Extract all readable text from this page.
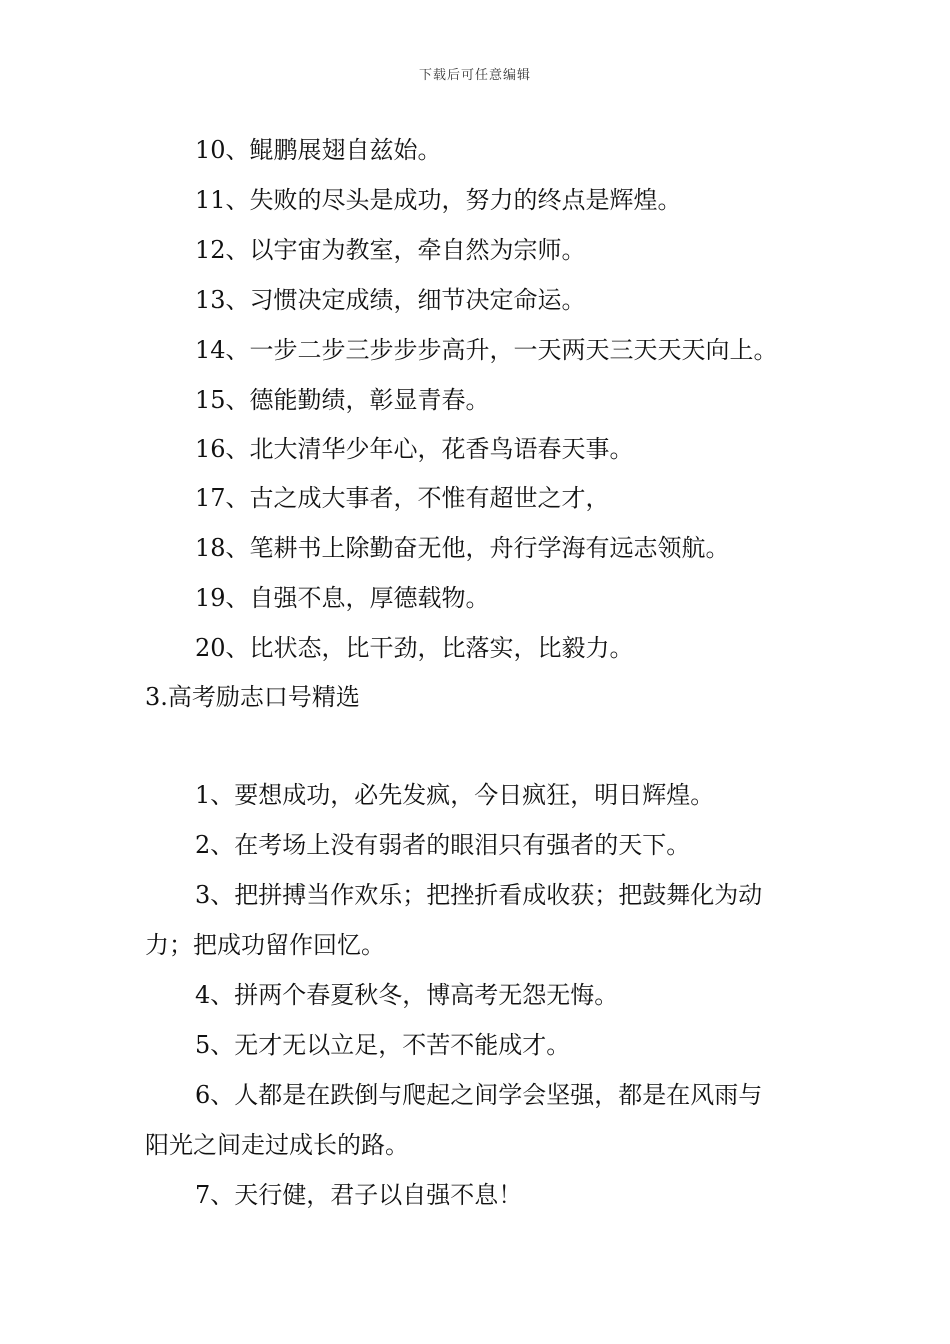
下载后可任意编辑
10、鲲鹏展翅自兹始。
11、失败的尽头是成功，努力的终点是辉煌。
12、以宇宙为教室，牵自然为宗师。
13、习惯决定成绩，细节决定命运。
14、一步二步三步步步高升，一天两天三天天天向上。
15、德能勤绩，彰显青春。
16、北大清华少年心，花香鸟语春天事。
17、古之成大事者，不惟有超世之才，
18、笔耕书上除勤奋无他，舟行学海有远志领航。
19、自强不息，厚德载物。
20、比状态，比干劲，比落实，比毅力。
3.高考励志口号精选
1、要想成功，必先发疯，今日疯狂，明日辉煌。
2、在考场上没有弱者的眼泪只有强者的天下。
3、把拼搏当作欢乐；把挫折看成收获；把鼓舞化为动
力；把成功留作回忆。
4、拼两个春夏秋冬，博高考无怨无悔。
5、无才无以立足，不苦不能成才。
6、人都是在跌倒与爬起之间学会坚强，都是在风雨与
阳光之间走过成长的路。
7、天行健，君子以自强不息！
